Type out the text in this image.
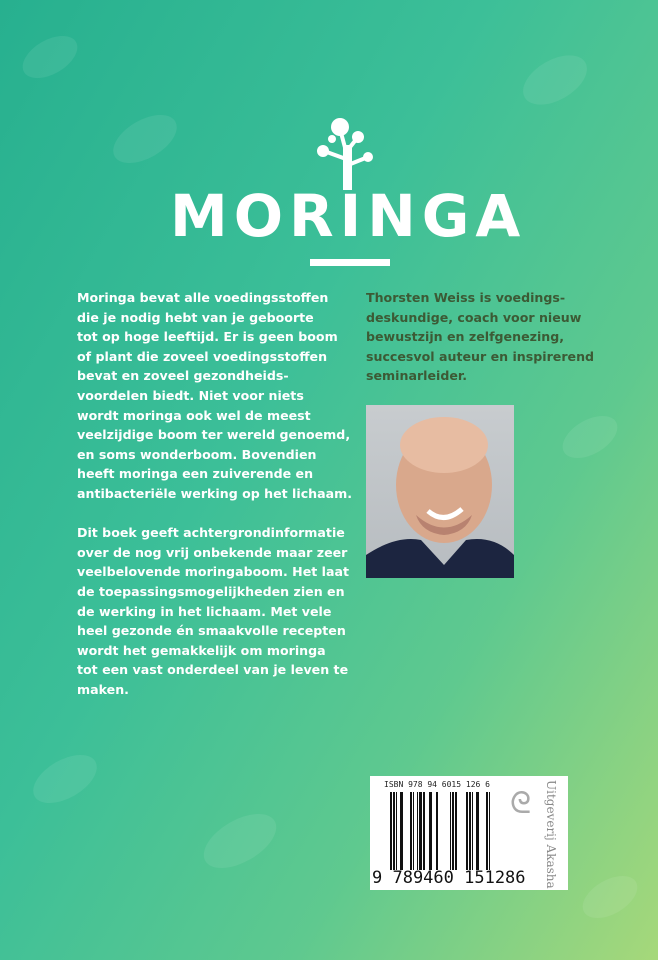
MORINGA
Moringa bevat alle voedingsstoffen
die je nodig hebt van je geboorte
tot op hoge leeftijd. Er is geen boom
of plant die zoveel voedingsstoffen
bevat en zoveel gezondheids-
voordelen biedt. Niet voor niets
wordt moringa ook wel de meest
veelzijdige boom ter wereld genoemd,
en soms wonderboom. Bovendien
heeft moringa een zuiverende en
antibacteriële werking op het lichaam.
Dit boek geeft achtergrondinformatie
over de nog vrij onbekende maar zeer
veelbelovende moringaboom. Het laat
de toepassingsmogelijkheden zien en
de werking in het lichaam. Met vele
heel gezonde én smaakvolle recepten
wordt het gemakkelijk om moringa
tot een vast onderdeel van je leven te
maken.
Thorsten Weiss is voedings-
deskundige, coach voor nieuw
bewustzijn en zelfgenezing,
succesvol auteur en inspirerend
seminarleider.
ISBN 978 94 6015 126 6
9 789460 151286
ᘓ Uitgeverij Akasha
